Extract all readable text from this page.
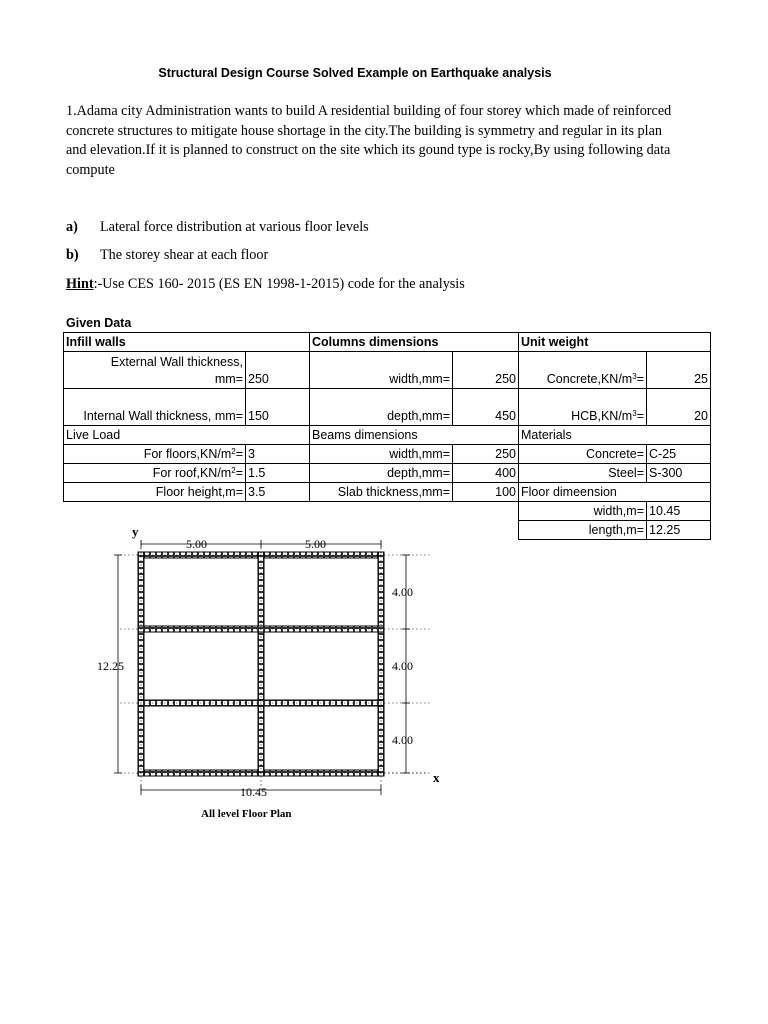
Structural Design Course Solved Example on Earthquake analysis
1.Adama city Administration wants to build A residential building of four storey which made of reinforced
concrete structures to mitigate house shortage in the city.The building is symmetry and regular in its plan
and elevation.If it is planned to construct on the site which its gound type is rocky,By using following data
compute
a) Lateral force distribution at various floor levels
b) The storey shear at each floor
Hint:-Use CES 160- 2015 (ES EN 1998-1-2015) code for the analysis
Given Data
Infill walls		Columns dimensions		Unit weight	

External Wall thickness,
mm=	250	width,mm=	250	$Concrete,KN/m^3=$	25
Internal Wall thickness, mm=	150	depth,mm=	450	$HCB,KN/m^3=$	20
Live Load		Beams dimensions		Materials	
For $floors,KN/m^2=$	3	width,mm=	250	Concrete=	C-25
For $roof,KN/m^2=$	1.5	depth,mm=	400	Steel=	S-300
Floor height,m=	3.5	Slab thickness,mm=	100	Floor dimeension	
				width,m=	10.45
				length,m=	12.25
y
x
5.00	5.00
4.00
4.00
4.00
12.25
10.45
All level Floor Plan
